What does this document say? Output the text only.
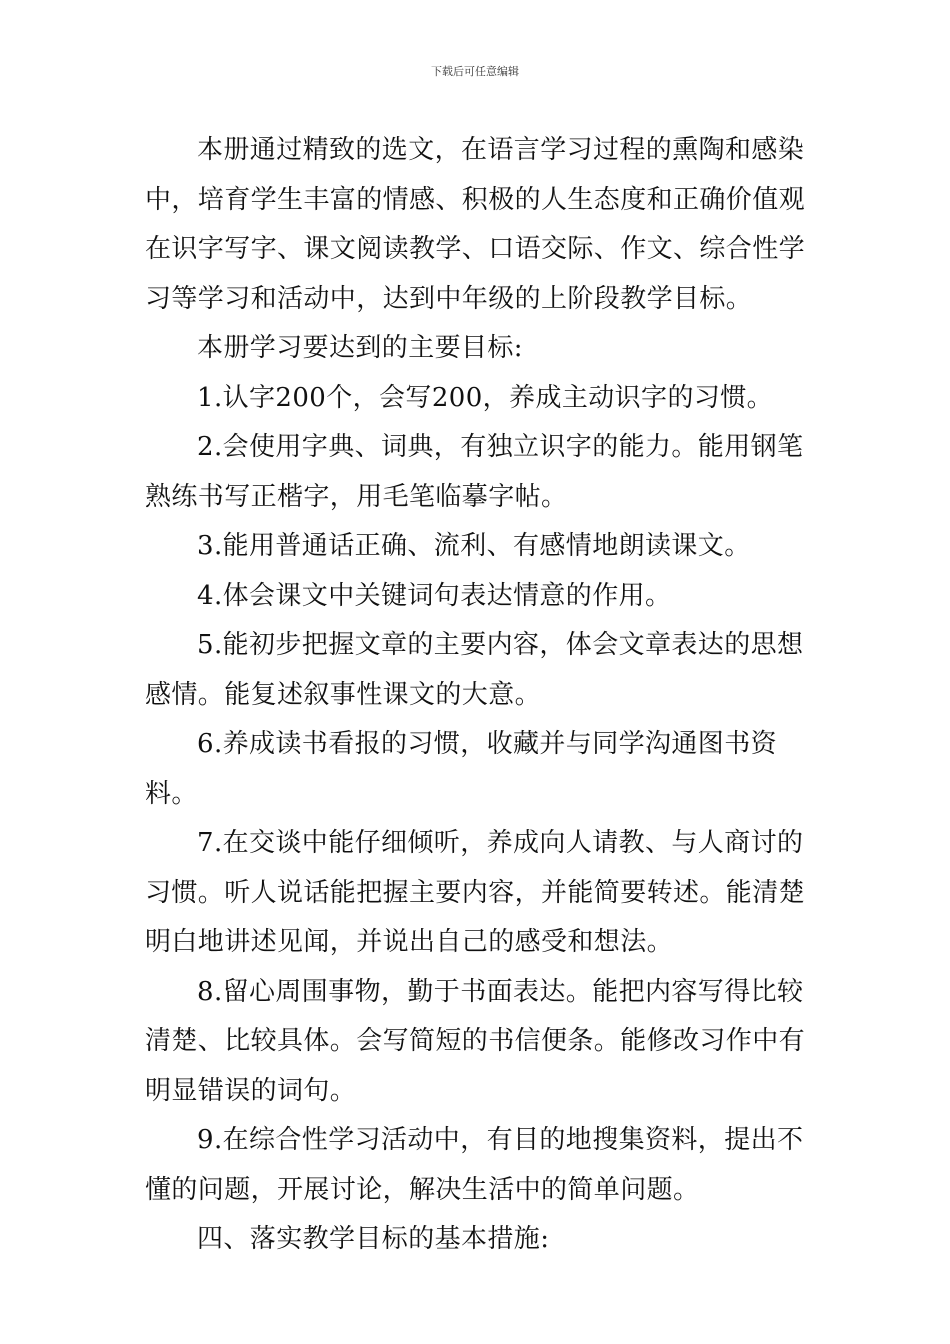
下载后可任意编辑

本册通过精致的选文，在语言学习过程的熏陶和感染中，培育学生丰富的情感、积极的人生态度和正确价值观在识字写字、课文阅读教学、口语交际、作文、综合性学习等学习和活动中，达到中年级的上阶段教学目标。

本册学习要达到的主要目标:

1.认字200个，会写200，养成主动识字的习惯。

2.会使用字典、词典，有独立识字的能力。能用钢笔熟练书写正楷字，用毛笔临摹字帖。

3.能用普通话正确、流利、有感情地朗读课文。

4.体会课文中关键词句表达情意的作用。

5.能初步把握文章的主要内容，体会文章表达的思想感情。能复述叙事性课文的大意。

6.养成读书看报的习惯，收藏并与同学沟通图书资料。

7.在交谈中能仔细倾听，养成向人请教、与人商讨的习惯。听人说话能把握主要内容，并能简要转述。能清楚明白地讲述见闻，并说出自己的感受和想法。

8.留心周围事物，勤于书面表达。能把内容写得比较清楚、比较具体。会写简短的书信便条。能修改习作中有明显错误的词句。

9.在综合性学习活动中，有目的地搜集资料，提出不懂的问题，开展讨论，解决生活中的简单问题。

四、落实教学目标的基本措施:
